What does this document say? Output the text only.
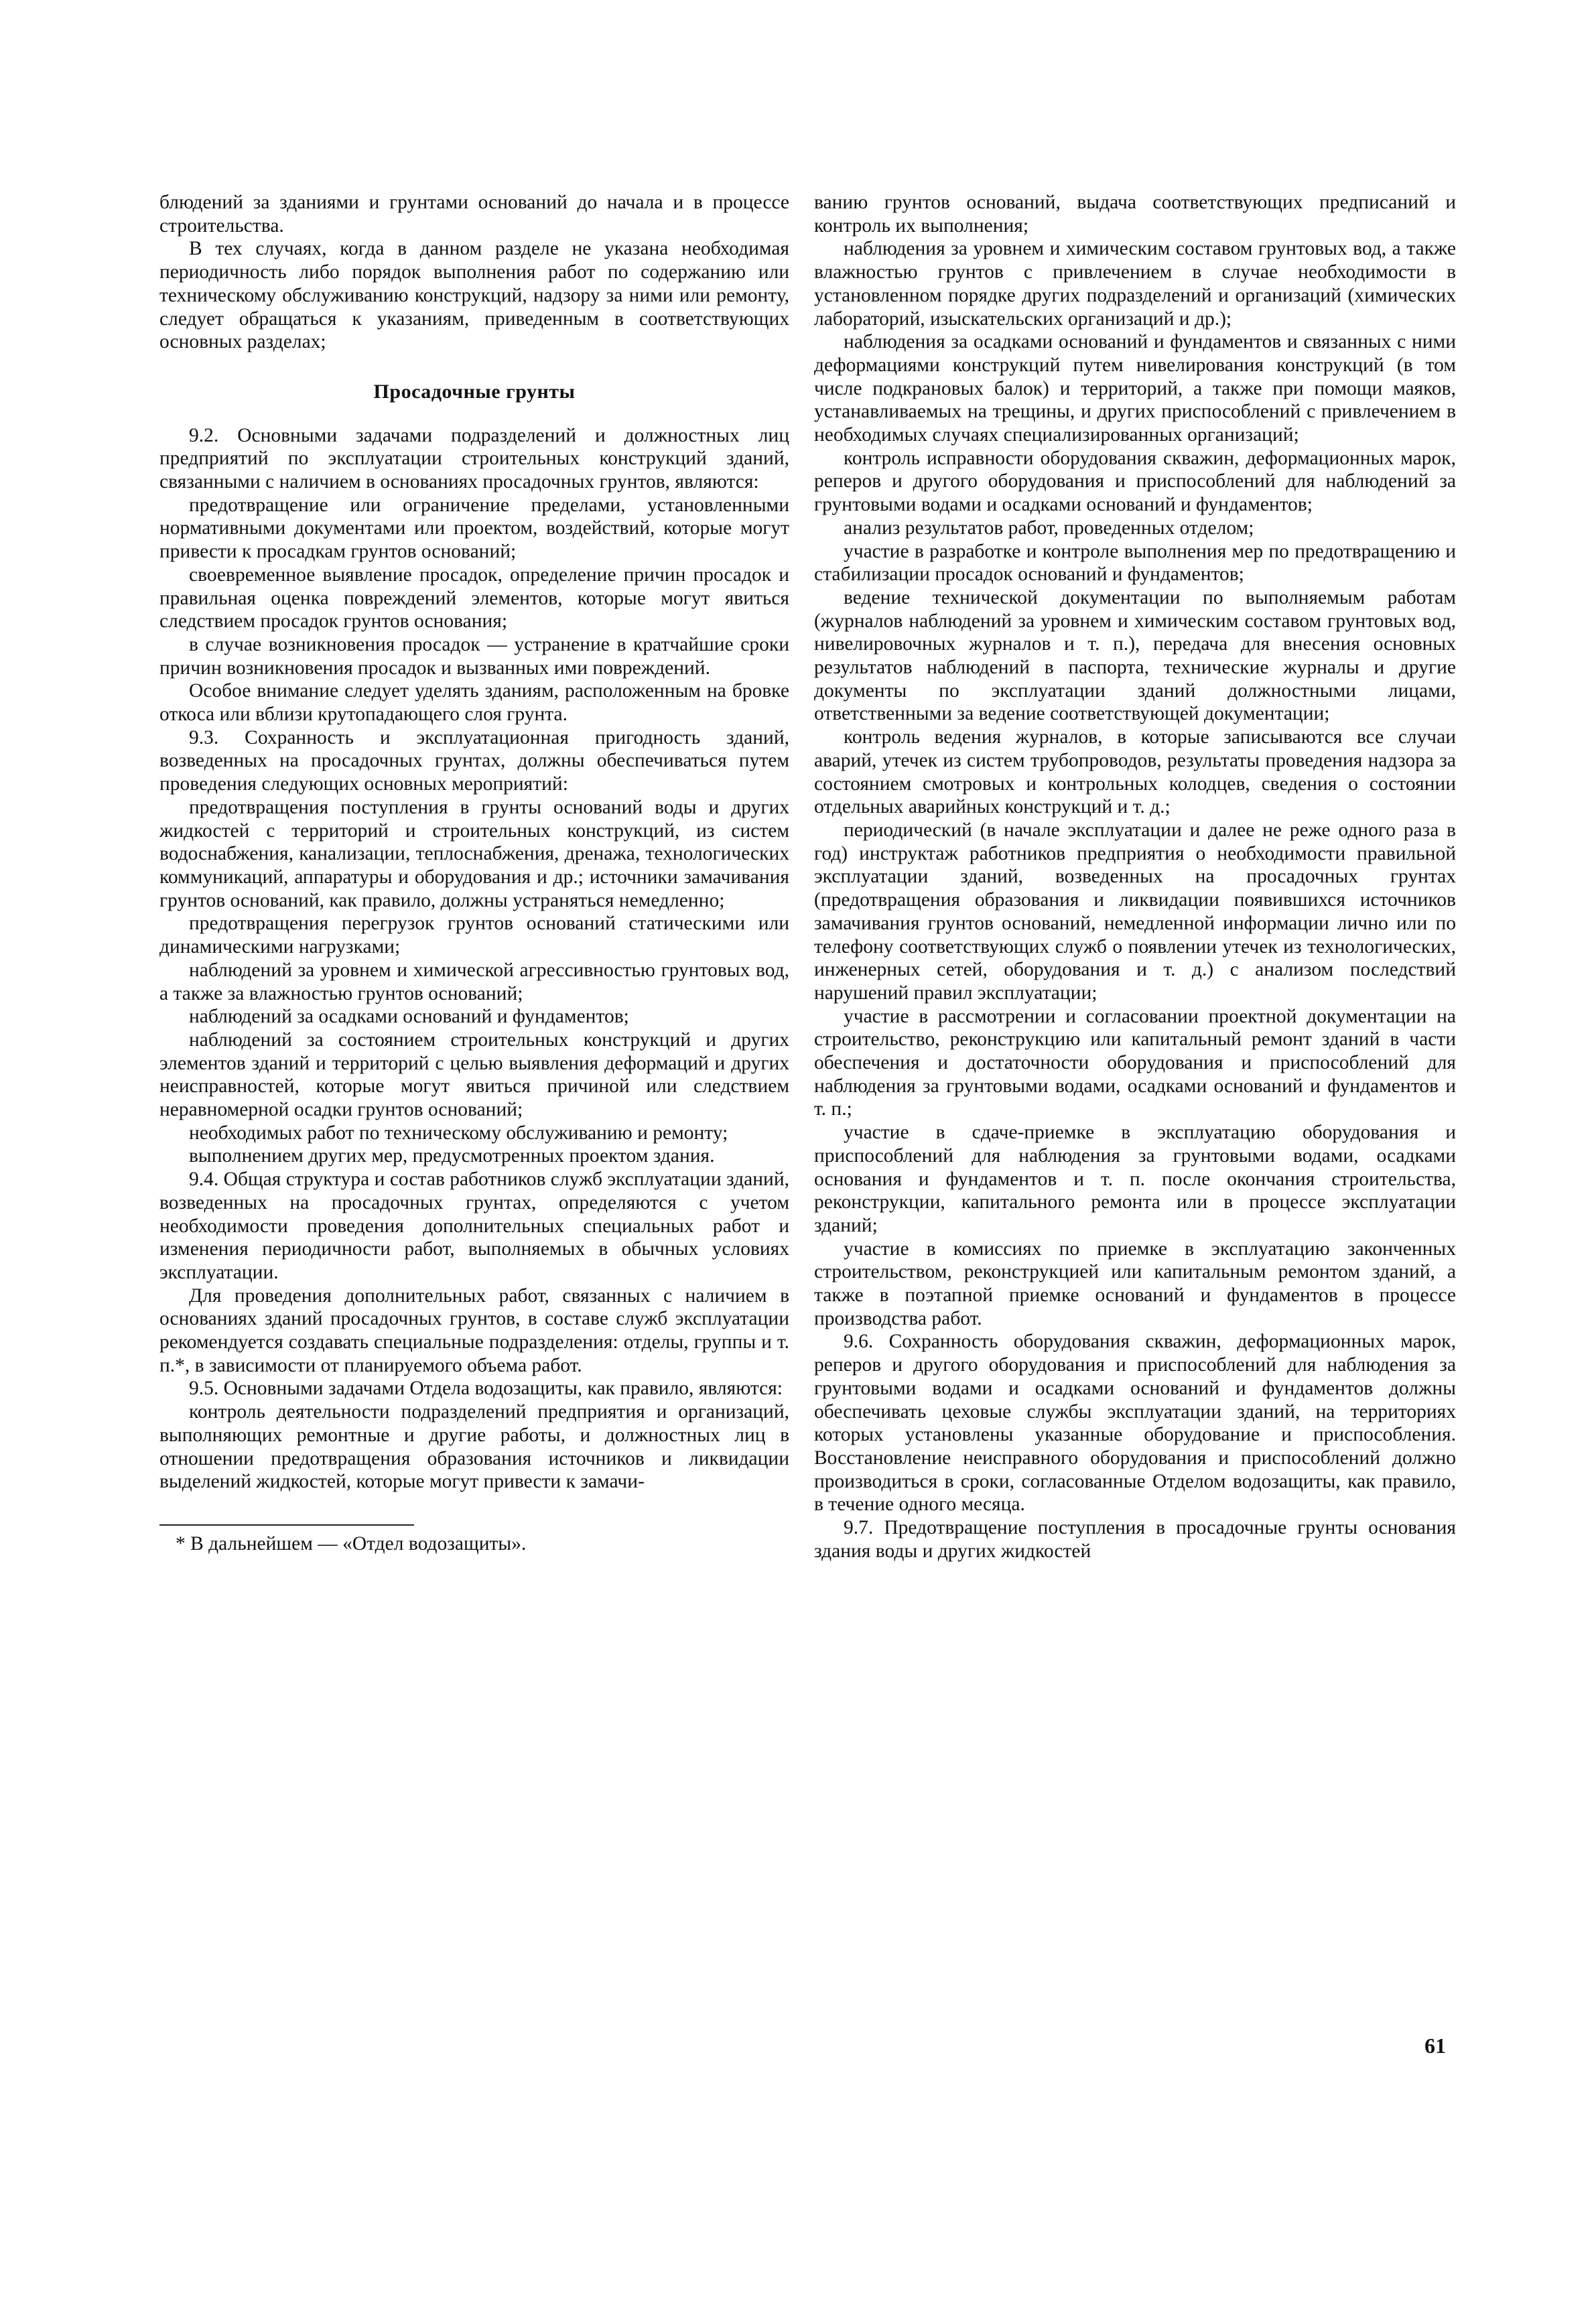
блюдений за зданиями и грунтами оснований до начала и в процессе строительства.

В тех случаях, когда в данном разделе не указана необходимая периодичность либо порядок выполнения работ по содержанию или техническому обслуживанию конструкций, надзору за ними или ремонту, следует обращаться к указаниям, приведенным в соответствующих основных разделах;

Просадочные грунты

9.2. Основными задачами подразделений и должностных лиц предприятий по эксплуатации строительных конструкций зданий, связанными с наличием в основаниях просадочных грунтов, являются:

предотвращение или ограничение пределами, установленными нормативными документами или проектом, воздействий, которые могут привести к просадкам грунтов оснований;

своевременное выявление просадок, определение причин просадок и правильная оценка повреждений элементов, которые могут явиться следствием просадок грунтов основания;

в случае возникновения просадок — устранение в кратчайшие сроки причин возникновения просадок и вызванных ими повреждений.

Особое внимание следует уделять зданиям, расположенным на бровке откоса или вблизи крутопадающего слоя грунта.

9.3. Сохранность и эксплуатационная пригодность зданий, возведенных на просадочных грунтах, должны обеспечиваться путем проведения следующих основных мероприятий:

предотвращения поступления в грунты оснований воды и других жидкостей с территорий и строительных конструкций, из систем водоснабжения, канализации, теплоснабжения, дренажа, технологических коммуникаций, аппаратуры и оборудования и др.; источники замачивания грунтов оснований, как правило, должны устраняться немедленно;

предотвращения перегрузок грунтов оснований статическими или динамическими нагрузками;

наблюдений за уровнем и химической агрессивностью грунтовых вод, а также за влажностью грунтов оснований;

наблюдений за осадками оснований и фундаментов;

наблюдений за состоянием строительных конструкций и других элементов зданий и территорий с целью выявления деформаций и других неисправностей, которые могут явиться причиной или следствием неравномерной осадки грунтов оснований;

необходимых работ по техническому обслуживанию и ремонту;

выполнением других мер, предусмотренных проектом здания.

9.4. Общая структура и состав работников служб эксплуатации зданий, возведенных на просадочных грунтах, определяются с учетом необходимости проведения дополнительных специальных работ и изменения периодичности работ, выполняемых в обычных условиях эксплуатации.

Для проведения дополнительных работ, связанных с наличием в основаниях зданий просадочных грунтов, в составе служб эксплуатации рекомендуется создавать специальные подразделения: отделы, группы и т. п.*, в зависимости от планируемого объема работ.

9.5. Основными задачами Отдела водозащиты, как правило, являются:

контроль деятельности подразделений предприятия и организаций, выполняющих ремонтные и другие работы, и должностных лиц в отношении предотвращения образования источников и ликвидации выделений жидкостей, которые могут привести к замачи-

* В дальнейшем — «Отдел водозащиты».

ванию грунтов оснований, выдача соответствующих предписаний и контроль их выполнения;

наблюдения за уровнем и химическим составом грунтовых вод, а также влажностью грунтов с привлечением в случае необходимости в установленном порядке других подразделений и организаций (химических лабораторий, изыскательских организаций и др.);

наблюдения за осадками оснований и фундаментов и связанных с ними деформациями конструкций путем нивелирования конструкций (в том числе подкрановых балок) и территорий, а также при помощи маяков, устанавливаемых на трещины, и других приспособлений с привлечением в необходимых случаях специализированных организаций;

контроль исправности оборудования скважин, деформационных марок, реперов и другого оборудования и приспособлений для наблюдений за грунтовыми водами и осадками оснований и фундаментов;

анализ результатов работ, проведенных отделом;

участие в разработке и контроле выполнения мер по предотвращению и стабилизации просадок оснований и фундаментов;

ведение технической документации по выполняемым работам (журналов наблюдений за уровнем и химическим составом грунтовых вод, нивелировочных журналов и т. п.), передача для внесения основных результатов наблюдений в паспорта, технические журналы и другие документы по эксплуатации зданий должностными лицами, ответственными за ведение соответствующей документации;

контроль ведения журналов, в которые записываются все случаи аварий, утечек из систем трубопроводов, результаты проведения надзора за состоянием смотровых и контрольных колодцев, сведения о состоянии отдельных аварийных конструкций и т. д.;

периодический (в начале эксплуатации и далее не реже одного раза в год) инструктаж работников предприятия о необходимости правильной эксплуатации зданий, возведенных на просадочных грунтах (предотвращения образования и ликвидации появившихся источников замачивания грунтов оснований, немедленной информации лично или по телефону соответствующих служб о появлении утечек из технологических, инженерных сетей, оборудования и т. д.) с анализом последствий нарушений правил эксплуатации;

участие в рассмотрении и согласовании проектной документации на строительство, реконструкцию или капитальный ремонт зданий в части обеспечения и достаточности оборудования и приспособлений для наблюдения за грунтовыми водами, осадками оснований и фундаментов и т. п.;

участие в сдаче-приемке в эксплуатацию оборудования и приспособлений для наблюдения за грунтовыми водами, осадками основания и фундаментов и т. п. после окончания строительства, реконструкции, капитального ремонта или в процессе эксплуатации зданий;

участие в комиссиях по приемке в эксплуатацию законченных строительством, реконструкцией или капитальным ремонтом зданий, а также в поэтапной приемке оснований и фундаментов в процессе производства работ.

9.6. Сохранность оборудования скважин, деформационных марок, реперов и другого оборудования и приспособлений для наблюдения за грунтовыми водами и осадками оснований и фундаментов должны обеспечивать цеховые службы эксплуатации зданий, на территориях которых установлены указанные оборудование и приспособления. Восстановление неисправного оборудования и приспособлений должно производиться в сроки, согласованные Отделом водозащиты, как правило, в течение одного месяца.

9.7. Предотвращение поступления в просадочные грунты основания здания воды и других жидкостей

61
